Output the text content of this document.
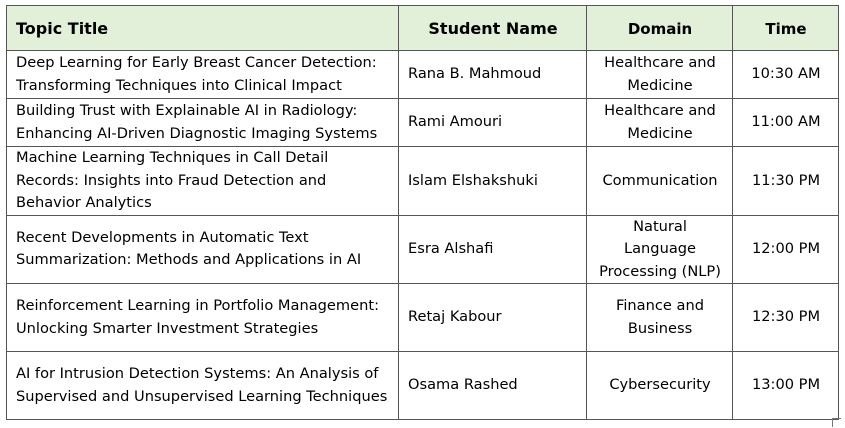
Topic Title	Student Name	Domain	Time
Deep Learning for Early Breast Cancer Detection: Transforming Techniques into Clinical Impact	Rana B. Mahmoud	Healthcare and Medicine	10:30 AM
Building Trust with Explainable AI in Radiology: Enhancing AI-Driven Diagnostic Imaging Systems	Rami Amouri	Healthcare and Medicine	11:00 AM
Machine Learning Techniques in Call Detail Records: Insights into Fraud Detection and Behavior Analytics	Islam Elshakshuki	Communication	11:30 PM
Recent Developments in Automatic Text Summarization: Methods and Applications in AI	Esra Alshafi	Natural Language Processing (NLP)	12:00 PM
Reinforcement Learning in Portfolio Management: Unlocking Smarter Investment Strategies	Retaj Kabour	Finance and Business	12:30 PM
AI for Intrusion Detection Systems: An Analysis of Supervised and Unsupervised Learning Techniques	Osama Rashed	Cybersecurity	13:00 PM
